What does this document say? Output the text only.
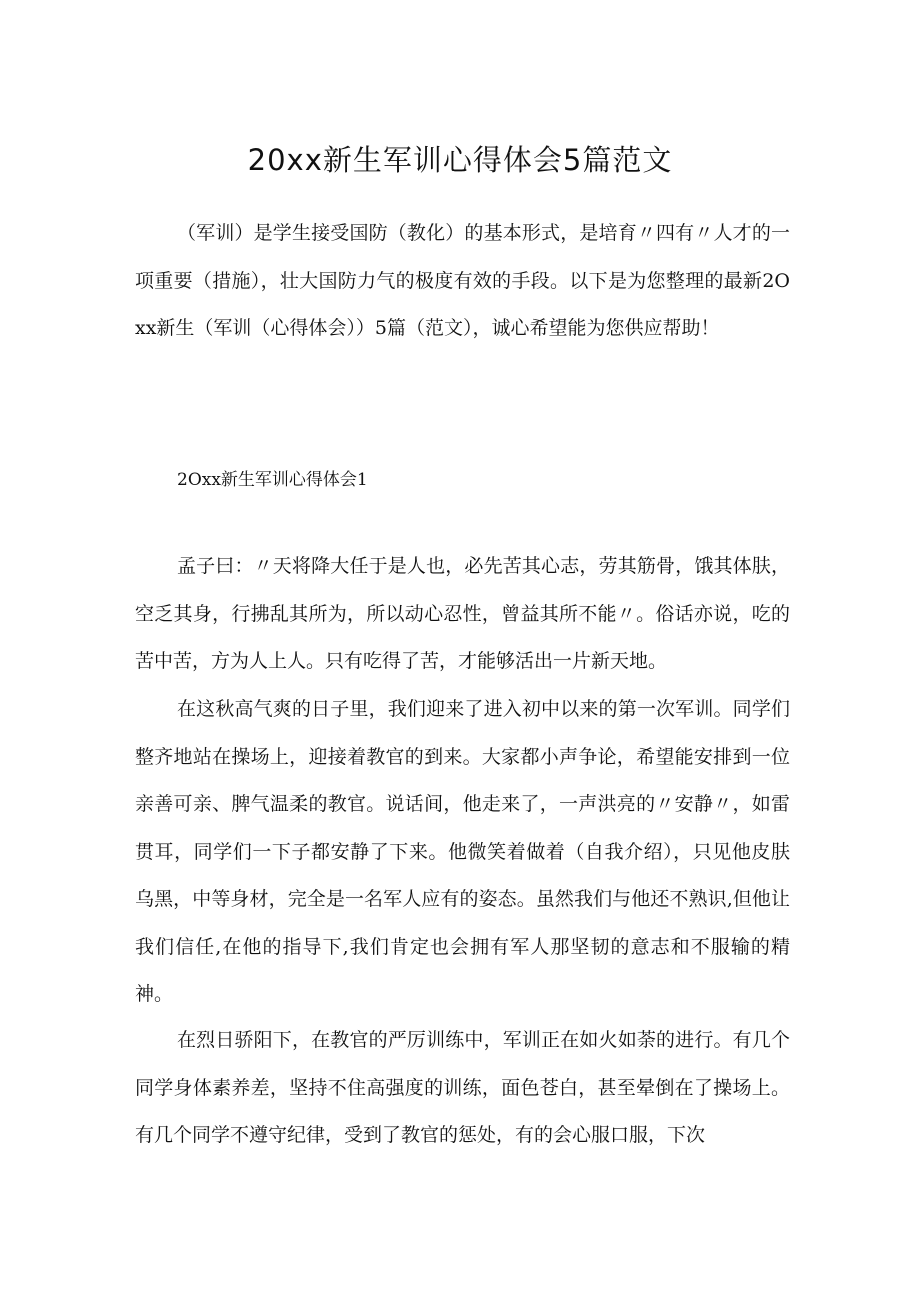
20xx新生军训心得体会5篇范文

（军训）是学生接受国防（教化）的基本形式，是培育〃四有〃人才的一项重要（措施），壮大国防力气的极度有效的手段。以下是为您整理的最新2Oxx新生（军训（心得体会））5篇（范文），诚心希望能为您供应帮助！

2Oxx新生军训心得体会1

孟子曰：〃天将降大任于是人也，必先苦其心志，劳其筋骨，饿其体肤，空乏其身，行拂乱其所为，所以动心忍性，曾益其所不能〃。俗话亦说，吃的苦中苦，方为人上人。只有吃得了苦，才能够活出一片新天地。

在这秋高气爽的日子里，我们迎来了进入初中以来的第一次军训。同学们整齐地站在操场上，迎接着教官的到来。大家都小声争论，希望能安排到一位亲善可亲、脾气温柔的教官。说话间，他走来了，一声洪亮的〃安静〃，如雷贯耳，同学们一下子都安静了下来。他微笑着做着（自我介绍），只见他皮肤乌黑，中等身材，完全是一名军人应有的姿态。虽然我们与他还不熟识,但他让我们信任,在他的指导下,我们肯定也会拥有军人那坚韧的意志和不服输的精神。

在烈日骄阳下，在教官的严厉训练中，军训正在如火如荼的进行。有几个同学身体素养差，坚持不住高强度的训练，面色苍白，甚至晕倒在了操场上。有几个同学不遵守纪律，受到了教官的惩处，有的会心服口服，下次
